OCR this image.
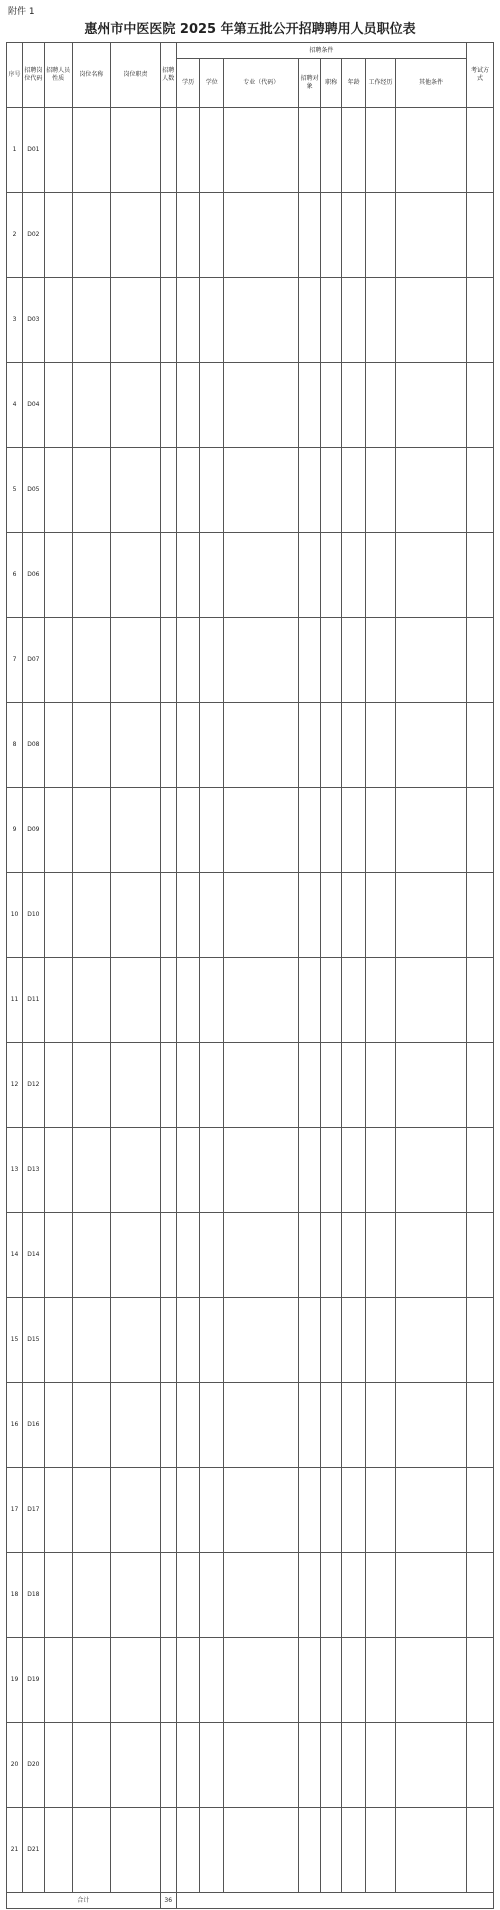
附件 1
惠州市中医医院 2025 年第五批公开招聘聘用人员职位表
序号	招聘岗位代码	招聘人员性质	岗位名称	岗位职责	招聘人数	招聘条件								考试方式
						学历	学位	专业（代码）	招聘对象	职称	年龄	工作经历	其他条件	
1	D01													
2	D02													
3	D03													
4	D04													
5	D05													
6	D06													
7	D07													
8	D08													
9	D09													
10	D10													
11	D11													
12	D12													
13	D13													
14	D14													
15	D15													
16	D16													
17	D17													
18	D18													
19	D19													
20	D20													
21	D21													
合计					36									
